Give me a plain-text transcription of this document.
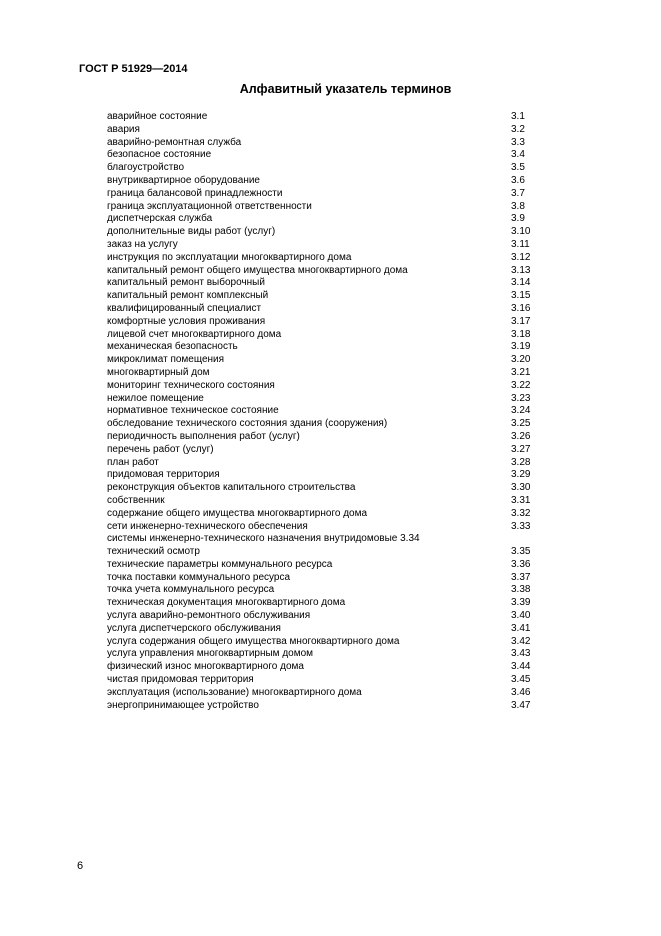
ГОСТ Р 51929—2014
Алфавитный указатель терминов
аварийное состояние	3.1
авария	3.2
аварийно-ремонтная служба	3.3
безопасное состояние	3.4
благоустройство	3.5
внутриквартирное оборудование	3.6
граница балансовой принадлежности	3.7
граница эксплуатационной ответственности	3.8
диспетчерская служба	3.9
дополнительные виды работ (услуг)	3.10
заказ на услугу	3.11
инструкция по эксплуатации многоквартирного дома	3.12
капитальный ремонт общего имущества многоквартирного дома	3.13
капитальный ремонт выборочный	3.14
капитальный ремонт комплексный	3.15
квалифицированный специалист	3.16
комфортные условия проживания	3.17
лицевой счет многоквартирного дома	3.18
механическая безопасность	3.19
микроклимат помещения	3.20
многоквартирный дом	3.21
мониторинг технического состояния	3.22
нежилое помещение	3.23
нормативное техническое состояние	3.24
обследование технического состояния здания (сооружения)	3.25
периодичность выполнения работ (услуг)	3.26
перечень работ (услуг)	3.27
план работ	3.28
придомовая территория	3.29
реконструкция объектов капитального строительства	3.30
собственник	3.31
содержание общего имущества многоквартирного дома	3.32
сети инженерно-технического обеспечения	3.33
системы инженерно-технического назначения внутридомовые 3.34
технический осмотр	3.35
технические параметры коммунального ресурса	3.36
точка поставки коммунального ресурса	3.37
точка учета коммунального ресурса	3.38
техническая документация многоквартирного дома	3.39
услуга аварийно-ремонтного обслуживания	3.40
услуга диспетчерского обслуживания	3.41
услуга содержания общего имущества многоквартирного дома	3.42
услуга управления многоквартирным домом	3.43
физический износ многоквартирного дома	3.44
чистая придомовая территория	3.45
эксплуатация (использование) многоквартирного дома	3.46
энергопринимающее устройство	3.47
6
